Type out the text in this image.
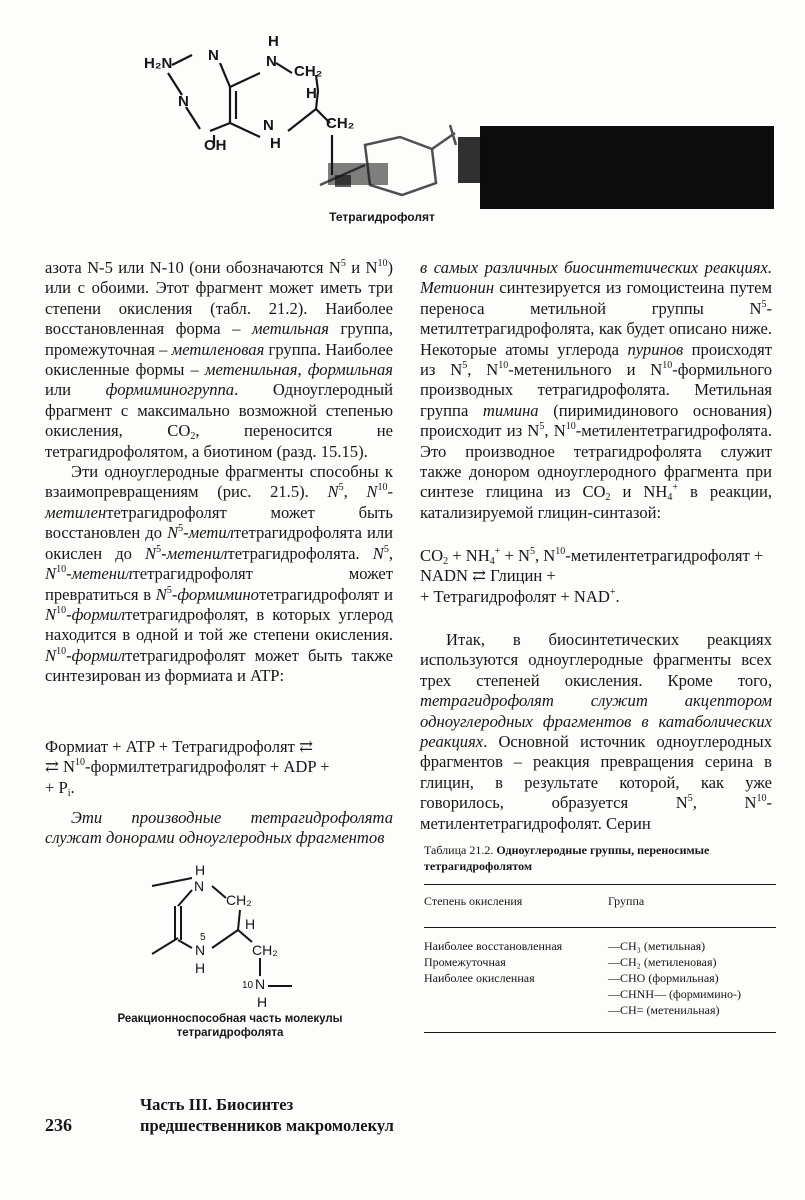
H₂N N
N
H
N
CH₂
H
N
H
CH₂
OH
Тетрагидрофолят

азота N-5 или N-10 (они обозначаются $N^5$ и $N^{10}$) или с обоими. Этот фрагмент может иметь три степени окисления (табл. 21.2). Наиболее восстановленная форма – метильная группа, промежуточная – метиленовая группа. Наиболее окисленные формы – метенильная, формильная или формиминогруппа. Одноуглеродный фрагмент с максимально возможной степенью окисления, $CO_2$, переносится не тетрагидрофолятом, а биотином (разд. 15.15).

Эти одноуглеродные фрагменты способны к взаимопревращениям (рис. 21.5). $N^5$, $N^{10}$-метилентетрагидрофолят может быть восстановлен до $N^5$-метилтетрагидрофолята или окислен до $N^5$-метенилтетрагидрофолята. $N^5$, $N^{10}$-метенилтетрагидрофолят может превратиться в $N^5$-формиминотетрагидрофолят и $N^{10}$-формилтетрагидрофолят, в которых углерод находится в одной и той же степени окисления. $N^{10}$-формилтетрагидрофолят может быть также синтезирован из формиата и ATP:

Формиат + ATP + Тетрагидрофолят ⇄
⇄ $N^{10}$-формилтетрагидрофолят + ADP +
+ $P_i$.

Эти производные тетрагидрофолята служат донорами одноуглеродных фрагментов

H
N
CH₂
H
5
N	CH₂
H
10 N
H
Реакционноспособная часть молекулы
тетрагидрофолята

в самых различных биосинтетических реакциях. Метионин синтезируется из гомоцистеина путем переноса метильной группы $N^5$-метилтетрагидрофолята, как будет описано ниже. Некоторые атомы углерода пуринов происходят из $N^5$, $N^{10}$-метенильного и $N^{10}$-формильного производных тетрагидрофолята. Метильная группа тимина (пиримидинового основания) происходит из $N^5$, $N^{10}$-метилентетрагидрофолята. Это производное тетрагидрофолята служит также донором одноуглеродного фрагмента при синтезе глицина из $CO_2$ и $NH_4^+$ в реакции, катализируемой глицин-синтазой:

$CO_2 + NH_4^+ + N^5$, $N^{10}$-метилентетрагидрофолят + NADN ⇄ Глицин +
+ Тетрагидрофолят + NAD+.

Итак, в биосинтетических реакциях используются одноуглеродные фрагменты всех трех степеней окисления. Кроме того, тетрагидрофолят служит акцептором одноуглеродных фрагментов в катаболических реакциях. Основной источник одноуглеродных фрагментов – реакция превращения серина в глицин, в результате которой, как уже говорилось, образуется $N^5$, $N^{10}$-метилентетрагидрофолят. Серин

Таблица 21.2. Одноуглеродные группы, переносимые тетрагидрофолятом
Степень окисления	Группа

Наиболее восстановленная	—CH₃ (метильная)
Промежуточная	—CH₂ (метиленовая)
Наиболее окисленная	—CHO (формильная)
—CHNH— (формимино-)
—CH= (метенильная)
236
Часть III. Биосинтез
предшественников макромолекул
